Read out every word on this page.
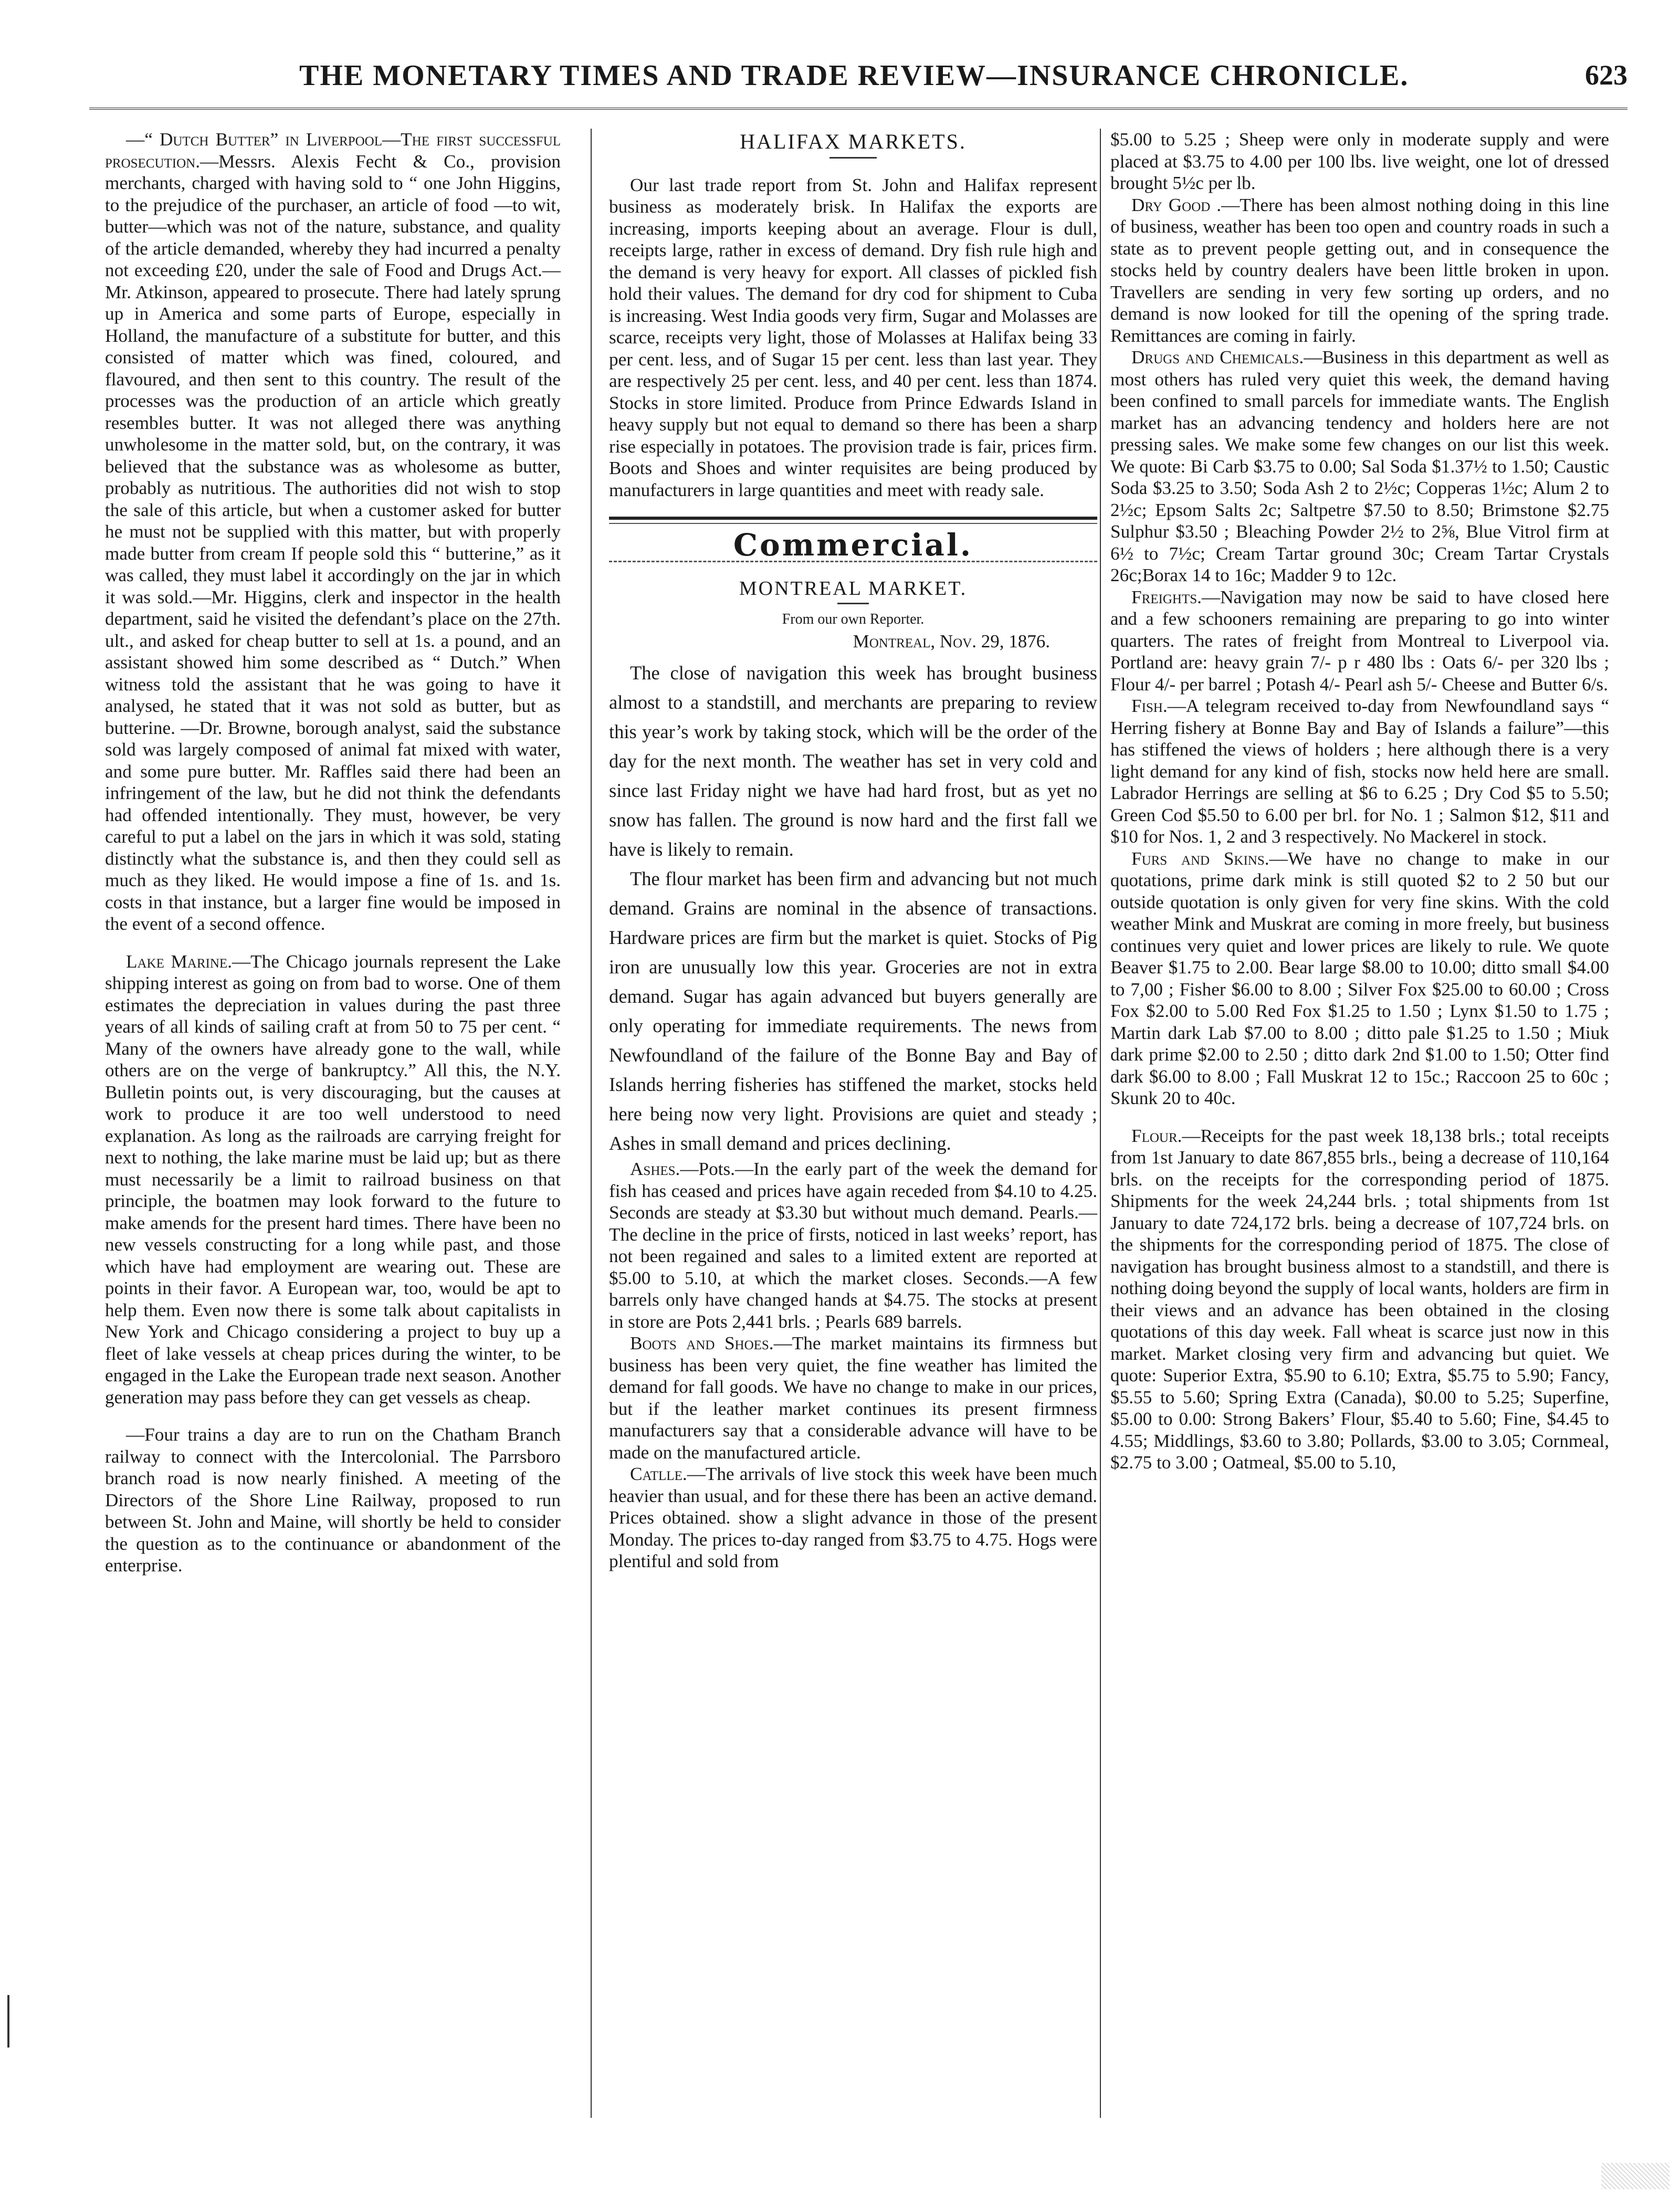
THE MONETARY TIMES AND TRADE REVIEW—INSURANCE CHRONICLE.	623

—“ Dutch Butter” in Liverpool—The first successful prosecution.—Messrs. Alexis Fecht & Co., provision merchants, charged with having sold to “ one John Higgins, to the prejudice of the purchaser, an article of food —to wit, butter—which was not of the nature, substance, and quality of the article demanded, whereby they had incurred a penalty not exceeding £20, under the sale of Food and Drugs Act.—Mr. Atkinson, appeared to prosecute. There had lately sprung up in America and some parts of Europe, especially in Holland, the manufacture of a substitute for butter, and this consisted of matter which was fined, coloured, and flavoured, and then sent to this country. The result of the processes was the production of an article which greatly resembles butter. It was not alleged there was anything unwholesome in the matter sold, but, on the contrary, it was believed that the substance was as wholesome as butter, probably as nutritious. The authorities did not wish to stop the sale of this article, but when a customer asked for butter he must not be supplied with this matter, but with properly made butter from cream If people sold this “ butterine,” as it was called, they must label it accordingly on the jar in which it was sold.—Mr. Higgins, clerk and inspector in the health department, said he visited the defendant’s place on the 27th. ult., and asked for cheap butter to sell at 1s. a pound, and an assistant showed him some described as “ Dutch.” When witness told the assistant that he was going to have it analysed, he stated that it was not sold as butter, but as butterine. —Dr. Browne, borough analyst, said the substance sold was largely composed of animal fat mixed with water, and some pure butter. Mr. Raffles said there had been an infringement of the law, but he did not think the defendants had offended intentionally. They must, however, be very careful to put a label on the jars in which it was sold, stating distinctly what the substance is, and then they could sell as much as they liked. He would impose a fine of 1s. and 1s. costs in that instance, but a larger fine would be imposed in the event of a second offence.

Lake Marine.—The Chicago journals represent the Lake shipping interest as going on from bad to worse. One of them estimates the depreciation in values during the past three years of all kinds of sailing craft at from 50 to 75 per cent. “ Many of the owners have already gone to the wall, while others are on the verge of bankruptcy.” All this, the N.Y. Bulletin points out, is very discouraging, but the causes at work to produce it are too well understood to need explanation. As long as the railroads are carrying freight for next to nothing, the lake marine must be laid up; but as there must necessarily be a limit to railroad business on that principle, the boatmen may look forward to the future to make amends for the present hard times. There have been no new vessels constructing for a long while past, and those which have had employment are wearing out. These are points in their favor. A European war, too, would be apt to help them. Even now there is some talk about capitalists in New York and Chicago considering a project to buy up a fleet of lake vessels at cheap prices during the winter, to be engaged in the Lake the European trade next season. Another generation may pass before they can get vessels as cheap.

—Four trains a day are to run on the Chatham Branch railway to connect with the Intercolonial. The Parrsboro branch road is now nearly finished. A meeting of the Directors of the Shore Line Railway, proposed to run between St. John and Maine, will shortly be held to consider the question as to the continuance or abandonment of the enterprise.

HALIFAX MARKETS.

Our last trade report from St. John and Halifax represent business as moderately brisk. In Halifax the exports are increasing, imports keeping about an average. Flour is dull, receipts large, rather in excess of demand. Dry fish rule high and the demand is very heavy for export. All classes of pickled fish hold their values. The demand for dry cod for shipment to Cuba is increasing. West India goods very firm, Sugar and Molasses are scarce, receipts very light, those of Molasses at Halifax being 33 per cent. less, and of Sugar 15 per cent. less than last year. They are respectively 25 per cent. less, and 40 per cent. less than 1874. Stocks in store limited. Produce from Prince Edwards Island in heavy supply but not equal to demand so there has been a sharp rise especially in potatoes. The provision trade is fair, prices firm. Boots and Shoes and winter requisites are being produced by manufacturers in large quantities and meet with ready sale.

Commercial.
MONTREAL MARKET.
From our own Reporter.
Montreal, Nov. 29, 1876.

The close of navigation this week has brought business almost to a standstill, and merchants are preparing to review this year’s work by taking stock, which will be the order of the day for the next month. The weather has set in very cold and since last Friday night we have had hard frost, but as yet no snow has fallen. The ground is now hard and the first fall we have is likely to remain.

The flour market has been firm and advancing but not much demand. Grains are nominal in the absence of transactions. Hardware prices are firm but the market is quiet. Stocks of Pig iron are unusually low this year. Groceries are not in extra demand. Sugar has again advanced but buyers generally are only operating for immediate requirements. The news from Newfoundland of the failure of the Bonne Bay and Bay of Islands herring fisheries has stiffened the market, stocks held here being now very light. Provisions are quiet and steady ; Ashes in small demand and prices declining.

Ashes.—Pots.—In the early part of the week the demand for fish has ceased and prices have again receded from $4.10 to 4.25. Seconds are steady at $3.30 but without much demand. Pearls.—The decline in the price of firsts, noticed in last weeks’ report, has not been regained and sales to a limited extent are reported at $5.00 to 5.10, at which the market closes. Seconds.—A few barrels only have changed hands at $4.75. The stocks at present in store are Pots 2,441 brls. ; Pearls 689 barrels.

Boots and Shoes.—The market maintains its firmness but business has been very quiet, the fine weather has limited the demand for fall goods. We have no change to make in our prices, but if the leather market continues its present firmness manufacturers say that a considerable advance will have to be made on the manufactured article.

Catlle.—The arrivals of live stock this week have been much heavier than usual, and for these there has been an active demand. Prices obtained. show a slight advance in those of the present Monday. The prices to-day ranged from $3.75 to 4.75. Hogs were plentiful and sold from

$5.00 to 5.25 ; Sheep were only in moderate supply and were placed at $3.75 to 4.00 per 100 lbs. live weight, one lot of dressed brought 5½c per lb.

Dry Good .—There has been almost nothing doing in this line of business, weather has been too open and country roads in such a state as to prevent people getting out, and in consequence the stocks held by country dealers have been little broken in upon. Travellers are sending in very few sorting up orders, and no demand is now looked for till the opening of the spring trade. Remittances are coming in fairly.

Drugs and Chemicals.—Business in this department as well as most others has ruled very quiet this week, the demand having been confined to small parcels for immediate wants. The English market has an advancing tendency and holders here are not pressing sales. We make some few changes on our list this week. We quote: Bi Carb $3.75 to 0.00; Sal Soda $1.37½ to 1.50; Caustic Soda $3.25 to 3.50; Soda Ash 2 to 2½c; Copperas 1½c; Alum 2 to 2½c; Epsom Salts 2c; Saltpetre $7.50 to 8.50; Brimstone $2.75 Sulphur $3.50 ; Bleaching Powder 2½ to 2⅝, Blue Vitrol firm at 6½ to 7½c; Cream Tartar ground 30c; Cream Tartar Crystals 26c;Borax 14 to 16c; Madder 9 to 12c.

Freights.—Navigation may now be said to have closed here and a few schooners remaining are preparing to go into winter quarters. The rates of freight from Montreal to Liverpool via. Portland are: heavy grain 7/- p r 480 lbs : Oats 6/- per 320 lbs ; Flour 4/- per barrel ; Potash 4/- Pearl ash 5/- Cheese and Butter 6/s.

Fish.—A telegram received to-day from Newfoundland says “ Herring fishery at Bonne Bay and Bay of Islands a failure”—this has stiffened the views of holders ; here although there is a very light demand for any kind of fish, stocks now held here are small. Labrador Herrings are selling at $6 to 6.25 ; Dry Cod $5 to 5.50; Green Cod $5.50 to 6.00 per brl. for No. 1 ; Salmon $12, $11 and $10 for Nos. 1, 2 and 3 respectively. No Mackerel in stock.

Furs and Skins.—We have no change to make in our quotations, prime dark mink is still quoted $2 to 2 50 but our outside quotation is only given for very fine skins. With the cold weather Mink and Muskrat are coming in more freely, but business continues very quiet and lower prices are likely to rule. We quote Beaver $1.75 to 2.00. Bear large $8.00 to 10.00; ditto small $4.00 to 7,00 ; Fisher $6.00 to 8.00 ; Silver Fox $25.00 to 60.00 ; Cross Fox $2.00 to 5.00 Red Fox $1.25 to 1.50 ; Lynx $1.50 to 1.75 ; Martin dark Lab $7.00 to 8.00 ; ditto pale $1.25 to 1.50 ; Miuk dark prime $2.00 to 2.50 ; ditto dark 2nd $1.00 to 1.50; Otter find dark $6.00 to 8.00 ; Fall Muskrat 12 to 15c.; Raccoon 25 to 60c ; Skunk 20 to 40c.

Flour.—Receipts for the past week 18,138 brls.; total receipts from 1st January to date 867,855 brls., being a decrease of 110,164 brls. on the receipts for the corresponding period of 1875. Shipments for the week 24,244 brls. ; total shipments from 1st January to date 724,172 brls. being a decrease of 107,724 brls. on the shipments for the corresponding period of 1875. The close of navigation has brought business almost to a standstill, and there is nothing doing beyond the supply of local wants, holders are firm in their views and an advance has been obtained in the closing quotations of this day week. Fall wheat is scarce just now in this market. Market closing very firm and advancing but quiet. We quote: Superior Extra, $5.90 to 6.10; Extra, $5.75 to 5.90; Fancy, $5.55 to 5.60; Spring Extra (Canada), $0.00 to 5.25; Superfine, $5.00 to 0.00: Strong Bakers’ Flour, $5.40 to 5.60; Fine, $4.45 to 4.55; Middlings, $3.60 to 3.80; Pollards, $3.00 to 3.05; Cornmeal, $2.75 to 3.00 ; Oatmeal, $5.00 to 5.10,
